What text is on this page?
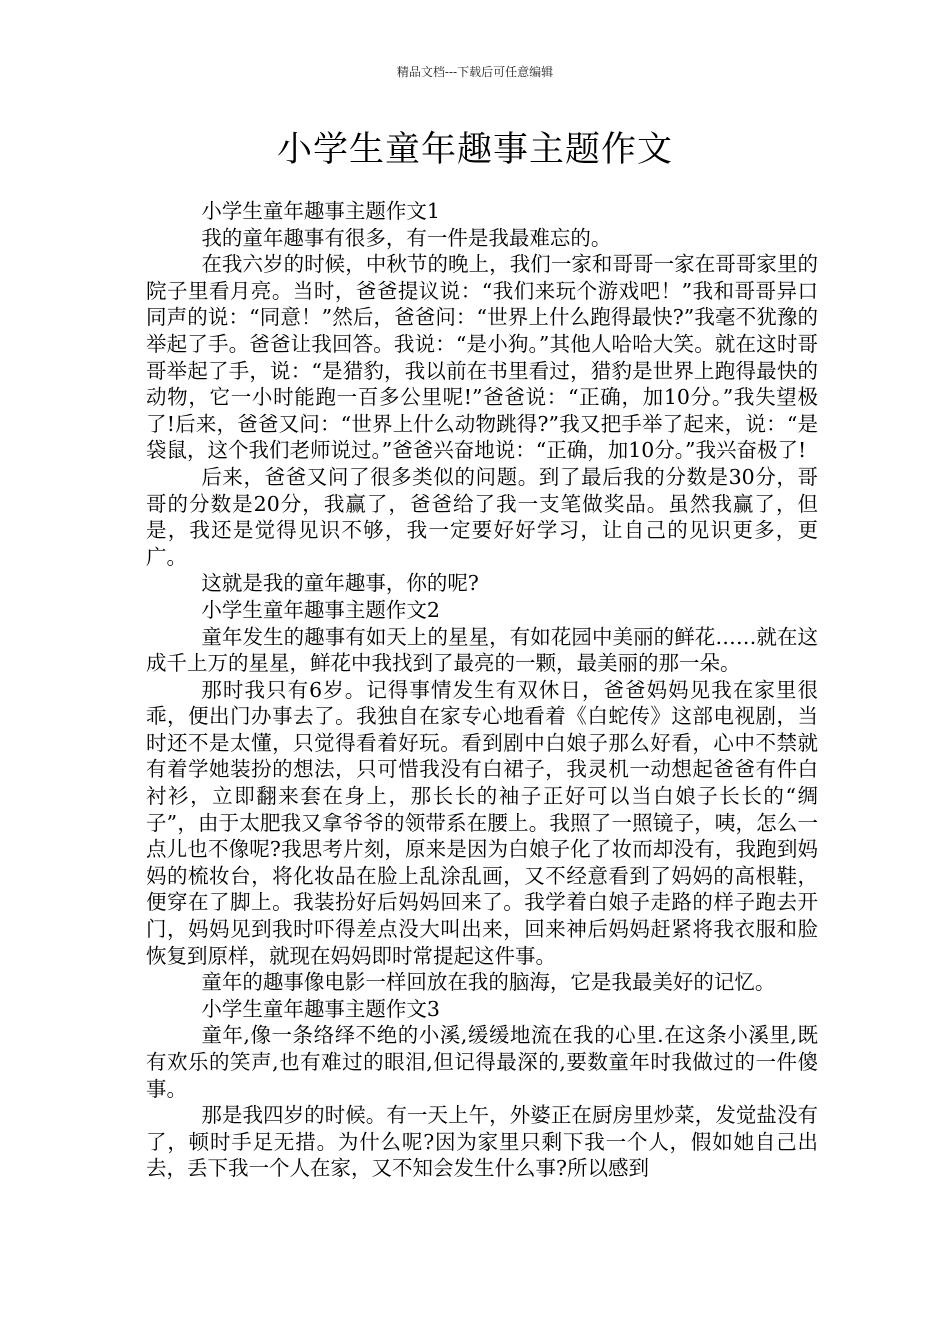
精品文档---下载后可任意编辑
小学生童年趣事主题作文

小学生童年趣事主题作文1

我的童年趣事有很多，有一件是我最难忘的。

在我六岁的时候，中秋节的晚上，我们一家和哥哥一家在哥哥家里的院子里看月亮。当时，爸爸提议说：“我们来玩个游戏吧！”我和哥哥异口同声的说：“同意！”然后，爸爸问：“世界上什么跑得最快?”我毫不犹豫的举起了手。爸爸让我回答。我说：“是小狗。”其他人哈哈大笑。就在这时哥哥举起了手，说：“是猎豹，我以前在书里看过，猎豹是世界上跑得最快的动物，它一小时能跑一百多公里呢!”爸爸说：“正确，加10分。”我失望极了!后来，爸爸又问：“世界上什么动物跳得?”我又把手举了起来，说：“是袋鼠，这个我们老师说过。”爸爸兴奋地说：“正确，加10分。”我兴奋极了!

后来，爸爸又问了很多类似的问题。到了最后我的分数是30分，哥哥的分数是20分，我赢了，爸爸给了我一支笔做奖品。虽然我赢了，但是，我还是觉得见识不够，我一定要好好学习，让自己的见识更多，更广。

这就是我的童年趣事，你的呢?

小学生童年趣事主题作文2

童年发生的趣事有如天上的星星，有如花园中美丽的鲜花……就在这成千上万的星星，鲜花中我找到了最亮的一颗，最美丽的那一朵。

那时我只有6岁。记得事情发生有双休日，爸爸妈妈见我在家里很乖，便出门办事去了。我独自在家专心地看着《白蛇传》这部电视剧，当时还不是太懂，只觉得看着好玩。看到剧中白娘子那么好看，心中不禁就有着学她装扮的想法，只可惜我没有白裙子，我灵机一动想起爸爸有件白衬衫，立即翻来套在身上，那长长的袖子正好可以当白娘子长长的“绸子”，由于太肥我又拿爷爷的领带系在腰上。我照了一照镜子，咦，怎么一点儿也不像呢?我思考片刻，原来是因为白娘子化了妆而却没有，我跑到妈妈的梳妆台，将化妆品在脸上乱涂乱画，又不经意看到了妈妈的高根鞋，便穿在了脚上。我装扮好后妈妈回来了。我学着白娘子走路的样子跑去开门，妈妈见到我时吓得差点没大叫出来，回来神后妈妈赶紧将我衣服和脸恢复到原样，就现在妈妈即时常提起这件事。

童年的趣事像电影一样回放在我的脑海，它是我最美好的记忆。

小学生童年趣事主题作文3

童年,像一条络绎不绝的小溪,缓缓地流在我的心里.在这条小溪里,既有欢乐的笑声,也有难过的眼泪,但记得最深的,要数童年时我做过的一件傻事。

那是我四岁的时候。有一天上午，外婆正在厨房里炒菜，发觉盐没有了，顿时手足无措。为什么呢?因为家里只剩下我一个人，假如她自己出去，丢下我一个人在家，又不知会发生什么事?所以感到
